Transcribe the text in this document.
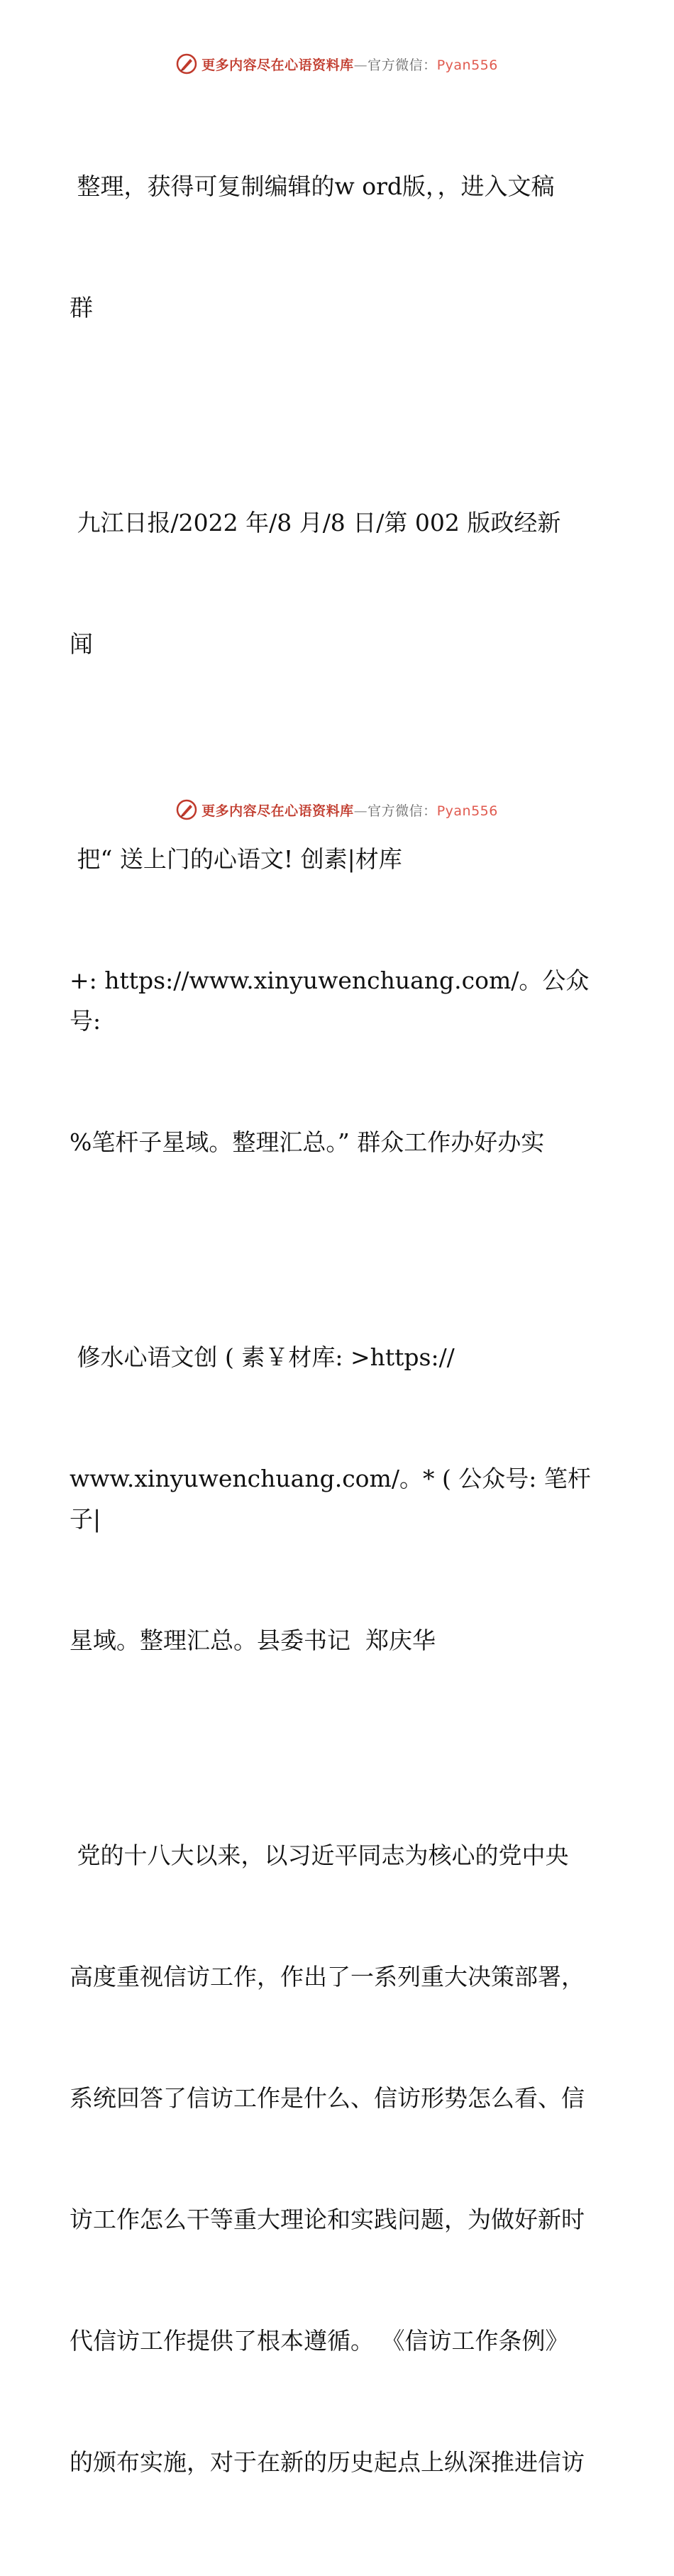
更多内容尽在心语资料库—官方微信：Pyan556

整理，获得可复制编辑的w ord版，，进入文稿

群

九江日报/2022 年/8 月/8 日/第 002 版政经新

闻

把“ 送上门的心语文! 创素|材库

+: https://www.xinyuwenchuang.com/。公众号:

%笔杆子星域。整理汇总。” 群众工作办好办实

修水心语文创 ( 素￥材库: >https://

www.xinyuwenchuang.com/。* ( 公众号: 笔杆子|

星域。整理汇总。县委书记  郑庆华

党的十八大以来，以习近平同志为核心的党中央

高度重视信访工作，作出了一系列重大决策部署，

系统回答了信访工作是什么、信访形势怎么看、信

访工作怎么干等重大理论和实践问题，为做好新时

代信访工作提供了根本遵循。 《信访工作条例》

的颁布实施，对于在新的历史起点上纵深推进信访

更多内容尽在心语资料库—官方微信：Pyan556
